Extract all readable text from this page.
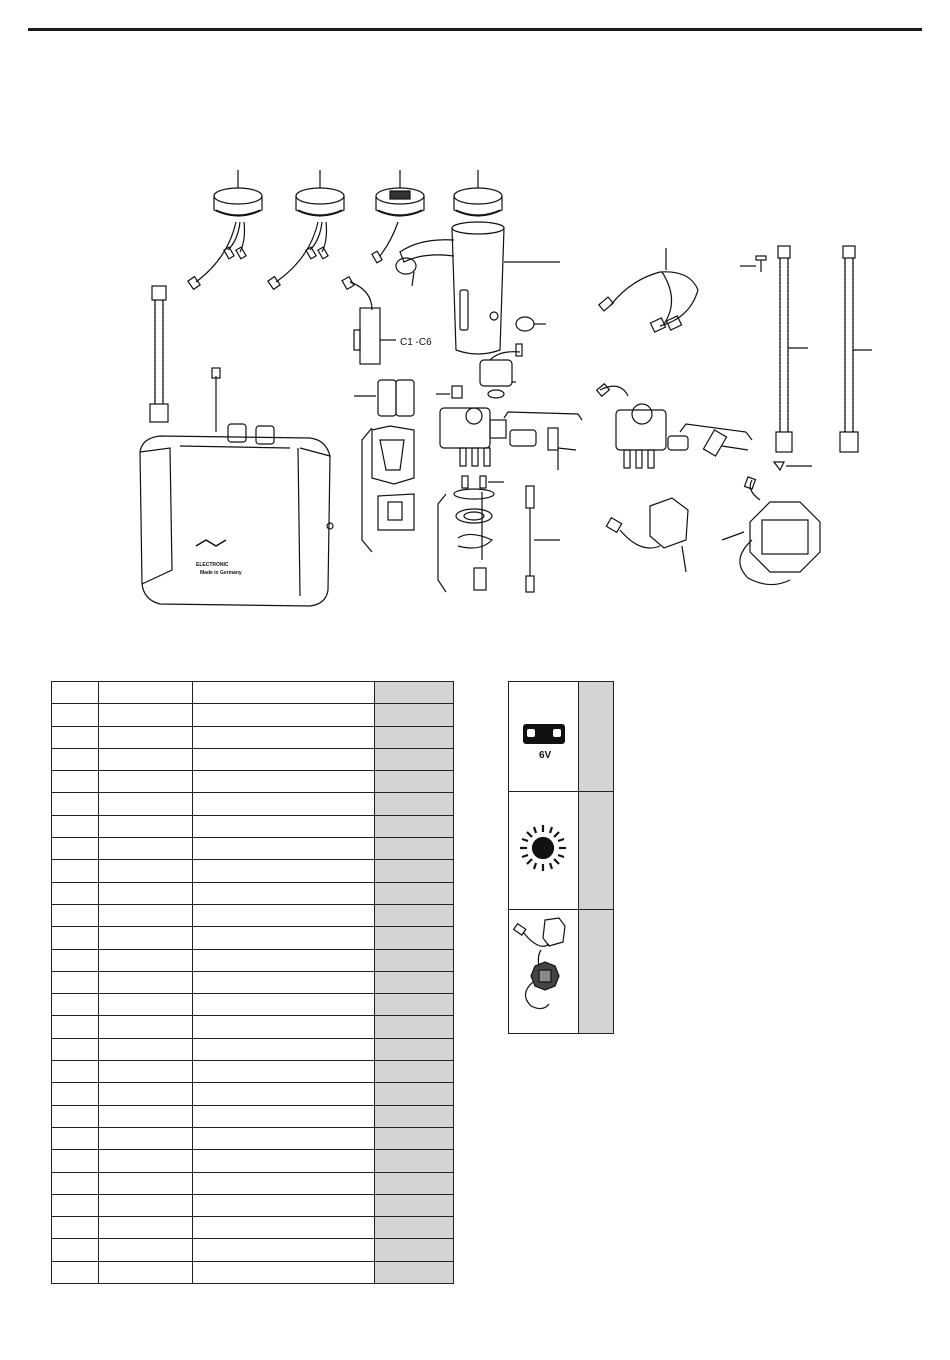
C1 -C6
ELECTRONIC
Made in Germany

6V	
